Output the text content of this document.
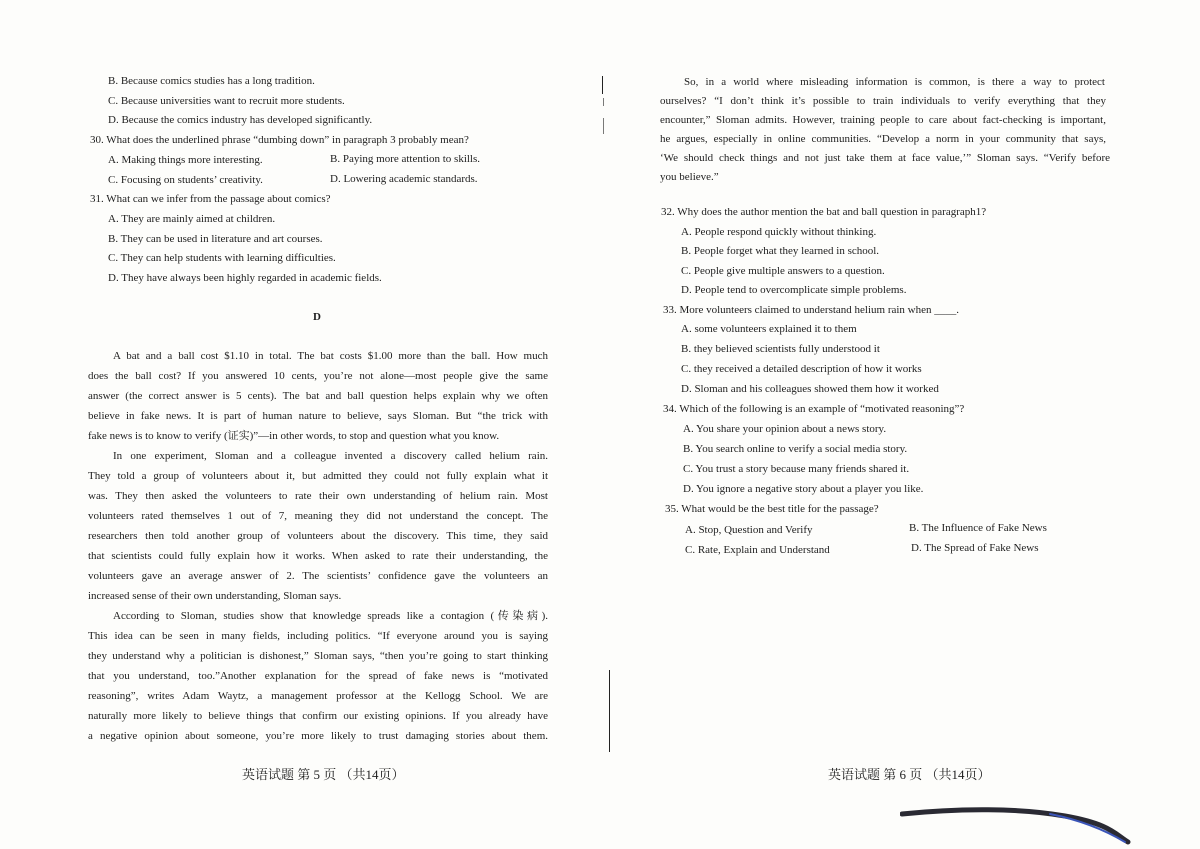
B. Because comics studies has a long tradition.
C. Because universities want to recruit more students.
D. Because the comics industry has developed significantly.
30. What does the underlined phrase “dumbing down” in paragraph 3 probably mean?
A. Making things more interesting.	B. Paying more attention to skills.
C. Focusing on students’ creativity.	D. Lowering academic standards.
31. What can we infer from the passage about comics?
A. They are mainly aimed at children.
B. They can be used in literature and art courses.
C. They can help students with learning difficulties.
D. They have always been highly regarded in academic fields.
D
A bat and a ball cost $1.10 in total. The bat costs $1.00 more than the ball. How much
does the ball cost? If you answered 10 cents, you’re not alone—most people give the same
answer (the correct answer is 5 cents). The bat and ball question helps explain why we often
believe in fake news. It is part of human nature to believe, says Sloman. But “the trick with
fake news is to know to verify (证实)”—in other words, to stop and question what you know.
In one experiment, Sloman and a colleague invented a discovery called helium rain.
They told a group of volunteers about it, but admitted they could not fully explain what it
was. They then asked the volunteers to rate their own understanding of helium rain. Most
volunteers rated themselves 1 out of 7, meaning they did not understand the concept. The
researchers then told another group of volunteers about the discovery. This time, they said
that scientists could fully explain how it works. When asked to rate their understanding, the
volunteers gave an average answer of 2. The scientists’ confidence gave the volunteers an
increased sense of their own understanding, Sloman says.
According to Sloman, studies show that knowledge spreads like a contagion (传染病).
This idea can be seen in many fields, including politics. “If everyone around you is saying
they understand why a politician is dishonest,” Sloman says, “then you’re going to start thinking
that you understand, too.”Another explanation for the spread of fake news is “motivated
reasoning”, writes Adam Waytz, a management professor at the Kellogg School. We are
naturally more likely to believe things that confirm our existing opinions. If you already have
a negative opinion about someone, you’re more likely to trust damaging stories about them.
英语试题 第 5 页 （共14页）
So, in a world where misleading information is common, is there a way to protect
ourselves? “I don’t think it’s possible to train individuals to verify everything that they
encounter,” Sloman admits. However, training people to care about fact-checking is important,
he argues, especially in online communities. “Develop a norm in your community that says,
‘We should check things and not just take them at face value,’” Sloman says. “Verify before
you believe.”
32. Why does the author mention the bat and ball question in paragraph1?
A. People respond quickly without thinking.
B. People forget what they learned in school.
C. People give multiple answers to a question.
D. People tend to overcomplicate simple problems.
33. More volunteers claimed to understand helium rain when ____.
A. some volunteers explained it to them
B. they believed scientists fully understood it
C. they received a detailed description of how it works
D. Sloman and his colleagues showed them how it worked
34. Which of the following is an example of “motivated reasoning”?
A. You share your opinion about a news story.
B. You search online to verify a social media story.
C. You trust a story because many friends shared it.
D. You ignore a negative story about a player you like.
35. What would be the best title for the passage?
A. Stop, Question and Verify	B. The Influence of Fake News
C. Rate, Explain and Understand	D. The Spread of Fake News
英语试题 第 6 页 （共14页）
